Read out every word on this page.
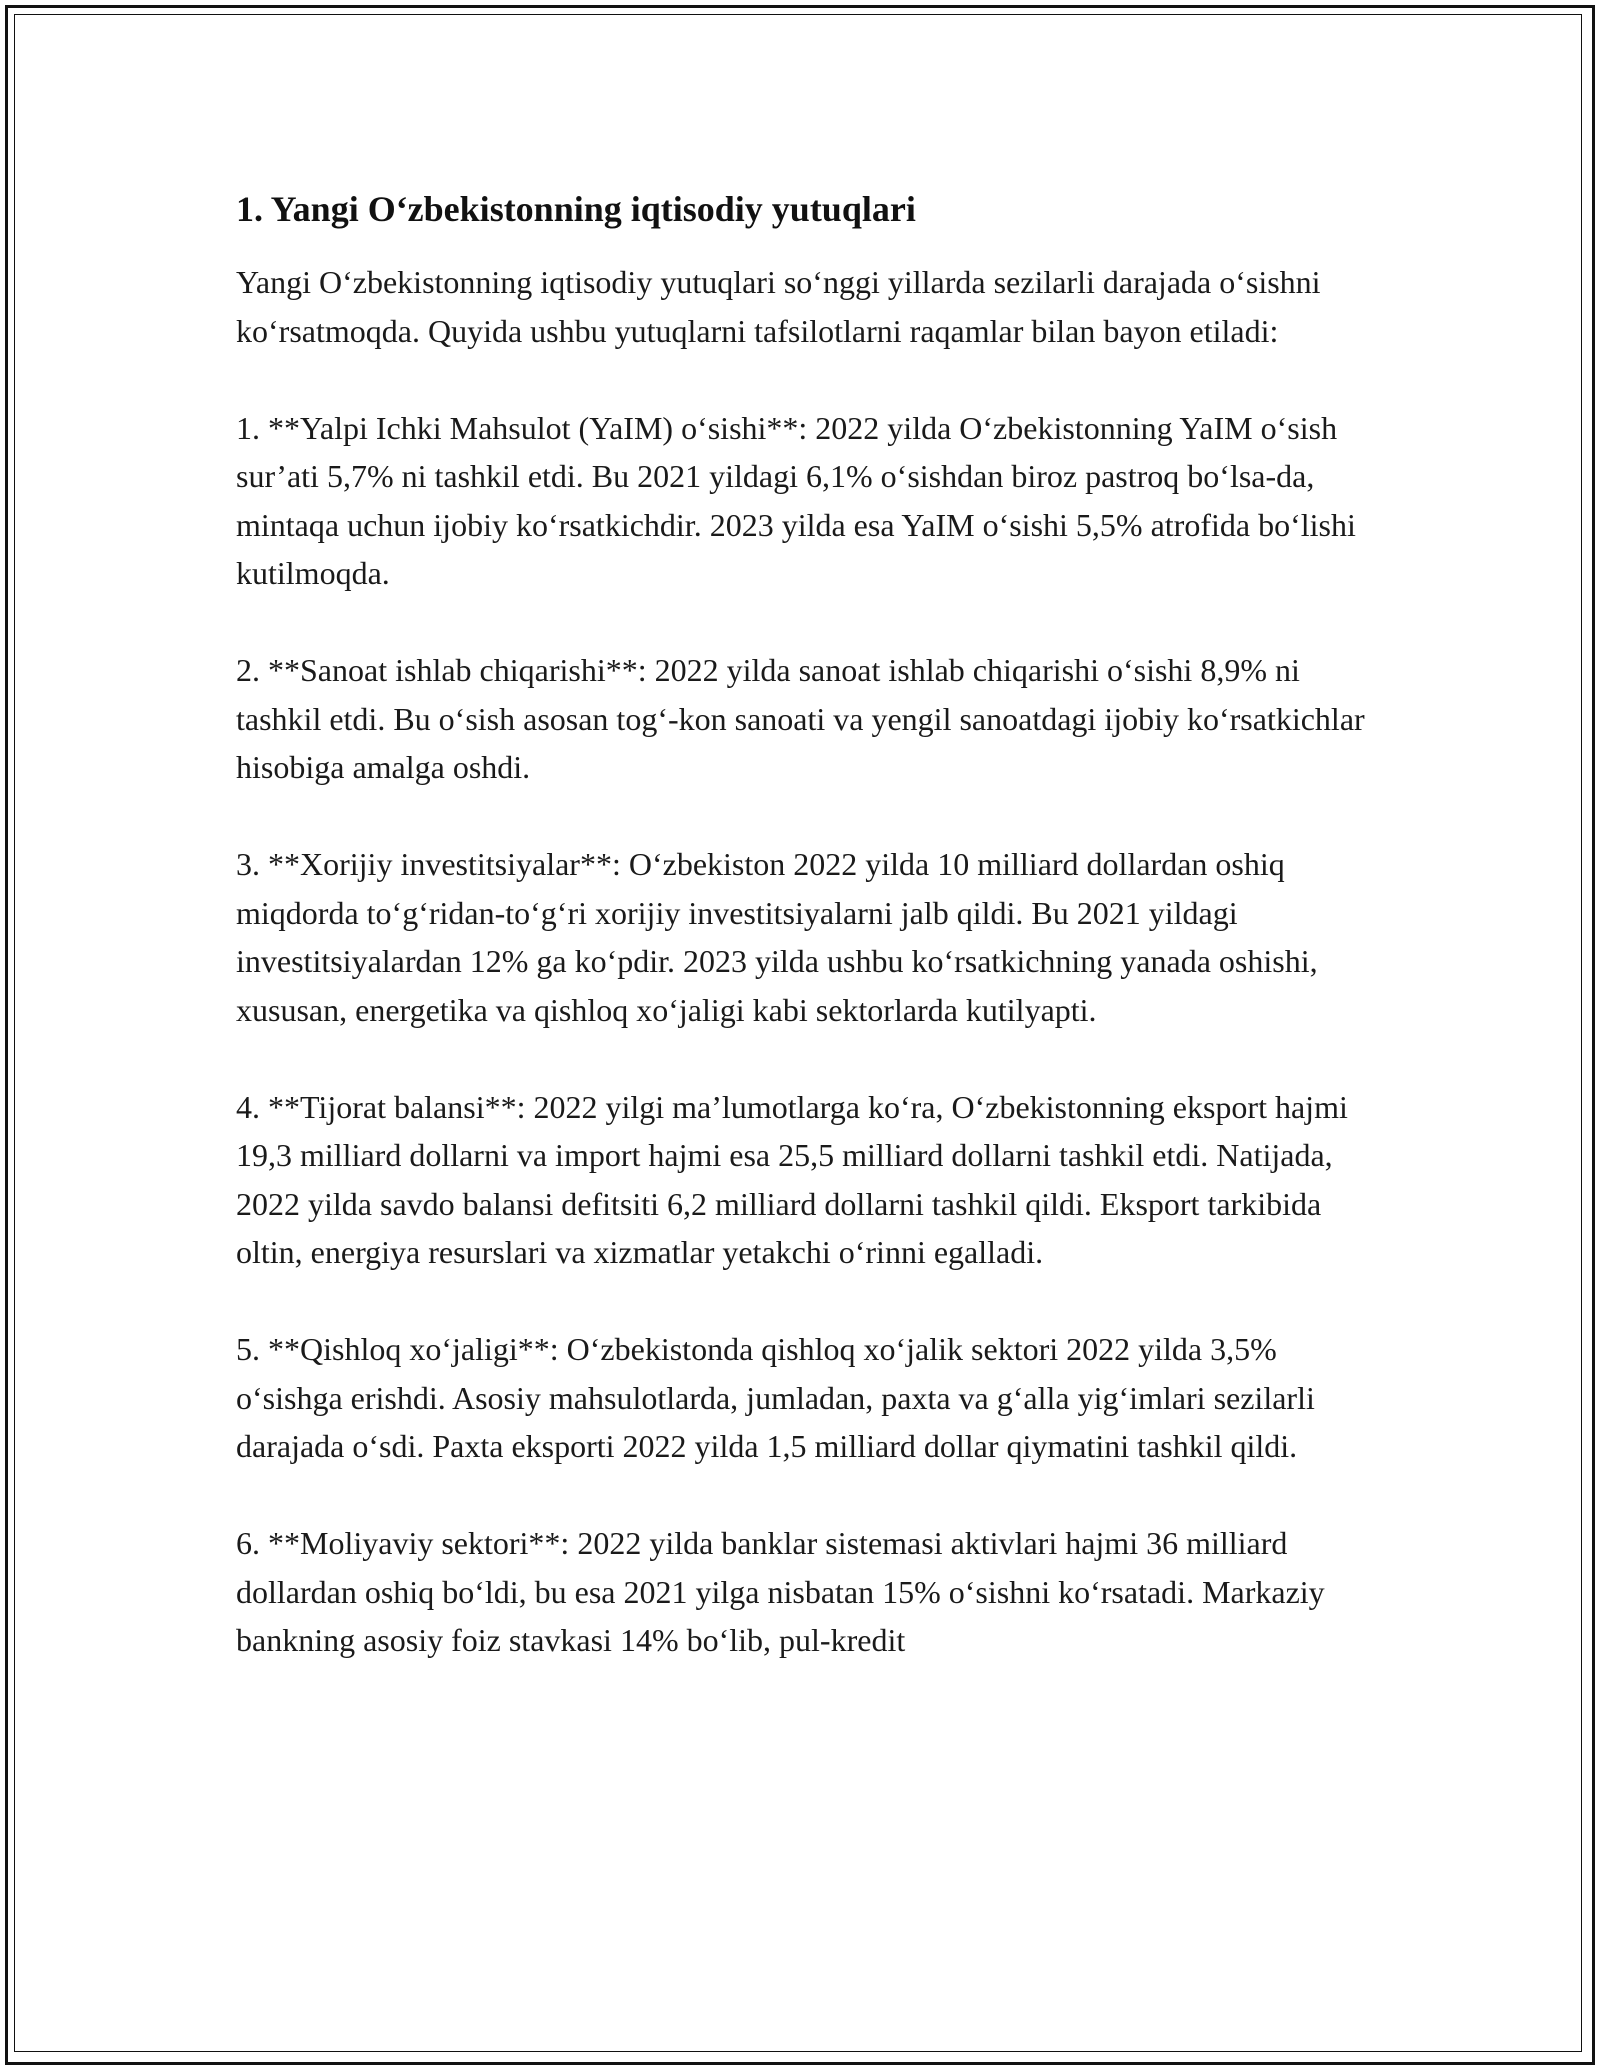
1. Yangi O‘zbekistonning iqtisodiy yutuqlari

Yangi O‘zbekistonning iqtisodiy yutuqlari so‘nggi yillarda sezilarli darajada o‘sishni ko‘rsatmoqda. Quyida ushbu yutuqlarni tafsilotlarni raqamlar bilan bayon etiladi:

1. **Yalpi Ichki Mahsulot (YaIM) o‘sishi**: 2022 yilda O‘zbekistonning YaIM o‘sish sur’ati 5,7% ni tashkil etdi. Bu 2021 yildagi 6,1% o‘sishdan biroz pastroq bo‘lsa-da, mintaqa uchun ijobiy ko‘rsatkichdir. 2023 yilda esa YaIM o‘sishi 5,5% atrofida bo‘lishi kutilmoqda.

2. **Sanoat ishlab chiqarishi**: 2022 yilda sanoat ishlab chiqarishi o‘sishi 8,9% ni tashkil etdi. Bu o‘sish asosan tog‘-kon sanoati va yengil sanoatdagi ijobiy ko‘rsatkichlar hisobiga amalga oshdi.

3. **Xorijiy investitsiyalar**: O‘zbekiston 2022 yilda 10 milliard dollardan oshiq miqdorda to‘g‘ridan-to‘g‘ri xorijiy investitsiyalarni jalb qildi. Bu 2021 yildagi investitsiyalardan 12% ga ko‘pdir. 2023 yilda ushbu ko‘rsatkichning yanada oshishi, xususan, energetika va qishloq xo‘jaligi kabi sektorlarda kutilyapti.

4. **Tijorat balansi**: 2022 yilgi ma’lumotlarga ko‘ra, O‘zbekistonning eksport hajmi 19,3 milliard dollarni va import hajmi esa 25,5 milliard dollarni tashkil etdi. Natijada, 2022 yilda savdo balansi defitsiti 6,2 milliard dollarni tashkil qildi. Eksport tarkibida oltin, energiya resurslari va xizmatlar yetakchi o‘rinni egalladi.

5. **Qishloq xo‘jaligi**: O‘zbekistonda qishloq xo‘jalik sektori 2022 yilda 3,5% o‘sishga erishdi. Asosiy mahsulotlarda, jumladan, paxta va g‘alla yig‘imlari sezilarli darajada o‘sdi. Paxta eksporti 2022 yilda 1,5 milliard dollar qiymatini tashkil qildi.

6. **Moliyaviy sektori**: 2022 yilda banklar sistemasi aktivlari hajmi 36 milliard dollardan oshiq bo‘ldi, bu esa 2021 yilga nisbatan 15% o‘sishni ko‘rsatadi. Markaziy bankning asosiy foiz stavkasi 14% bo‘lib, pul-kredit
